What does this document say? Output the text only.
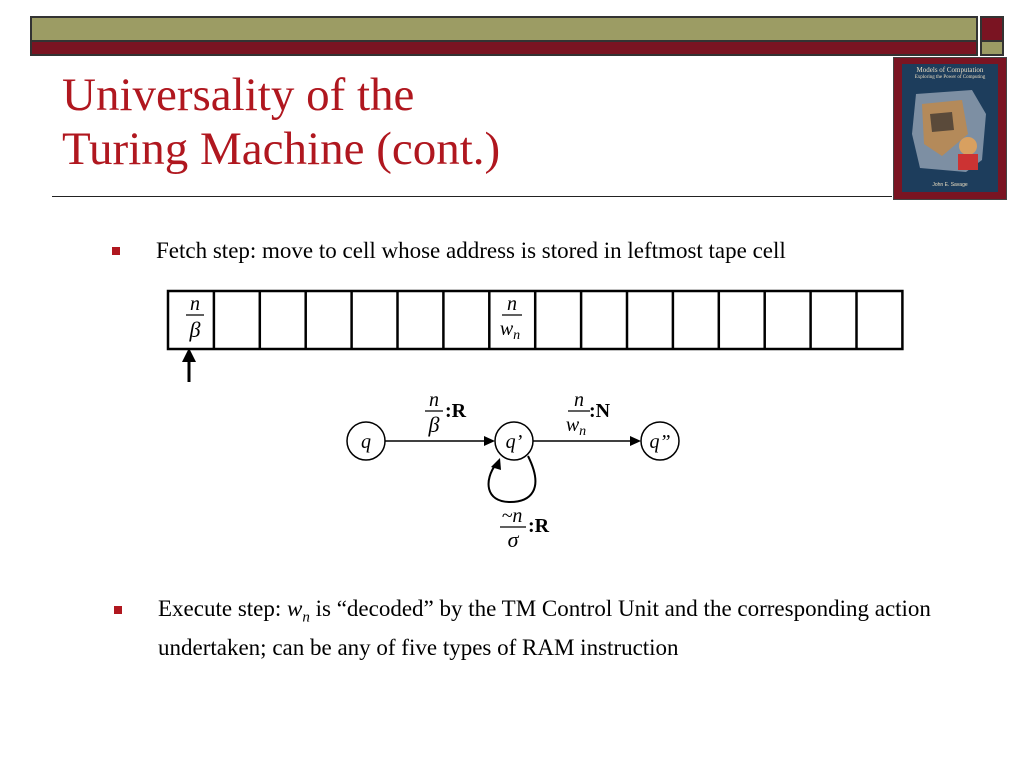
Universality of the
Turing Machine (cont.)
Models of Computation
Exploring the Power of Computing
John E. Savage
Fetch step: move to cell whose address is stored in leftmost tape cell
n
β
n
$w_n$
q	q’	q”
n
β
:R	n
$w_n$
:N
~n
σ
:R
Execute step: $w_n$ is “decoded” by the TM Control Unit and the corresponding action undertaken; can be any of five types of RAM instruction
